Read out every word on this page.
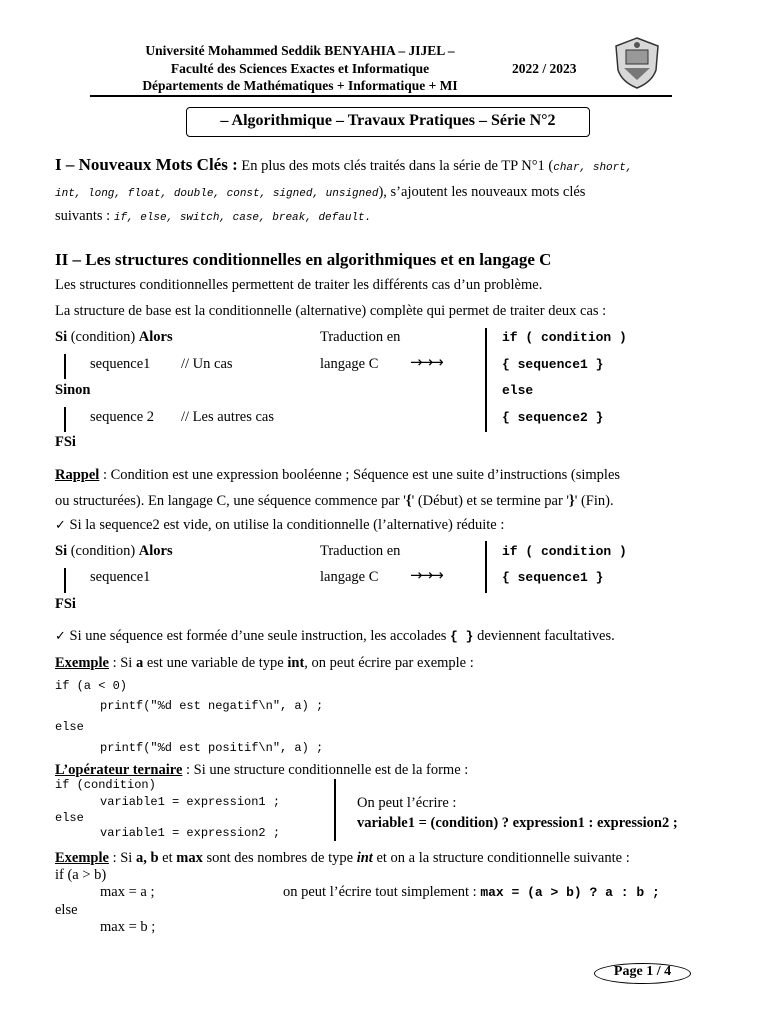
Université Mohammed Seddik BENYAHIA – JIJEL –
Faculté des Sciences Exactes et Informatique
Départements de Mathématiques + Informatique + MI
2022 / 2023
– Algorithmique – Travaux Pratiques – Série N°2
I – Nouveaux Mots Clés : En plus des mots clés traités dans la série de TP N°1 (char, short,
int, long, float, double, const, signed, unsigned), s’ajoutent les nouveaux mots clés
suivants : if, else, switch, case, break, default.
II – Les structures conditionnelles en algorithmiques et en langage C
Les structures conditionnelles permettent de traiter les différents cas d’un problème.
La structure de base est la conditionnelle (alternative) complète qui permet de traiter deux cas :
Si (condition) Alors
sequence1 // Un cas
Sinon
sequence 2 // Les autres cas
FSi
Traduction en
langage C →→→
if ( condition )
{ sequence1 }
else
{ sequence2 }
Rappel : Condition est une expression booléenne ; Séquence est une suite d’instructions (simples
ou structurées). En langage C, une séquence commence par '{' (Début) et se termine par '}' (Fin).
✓ Si la sequence2 est vide, on utilise la conditionnelle (l’alternative) réduite :
Si (condition) Alors
sequence1
FSi
Traduction en
langage C →→→
if ( condition )
{ sequence1 }
✓ Si une séquence est formée d’une seule instruction, les accolades { } deviennent facultatives.
Exemple : Si a est une variable de type int, on peut écrire par exemple :
if (a < 0)
printf("%d est negatif\n", a) ;
else
printf("%d est positif\n", a) ;
L’opérateur ternaire : Si une structure conditionnelle est de la forme :
if (condition)
variable1 = expression1 ;
else
variable1 = expression2 ;
On peut l’écrire :
variable1 = (condition) ? expression1 : expression2 ;
Exemple : Si a, b et max sont des nombres de type int et on a la structure conditionnelle suivante :
if (a > b)
max = a ;	on peut l’écrire tout simplement : max = (a > b) ? a : b ;
else
max = b ;
Page 1 / 4
